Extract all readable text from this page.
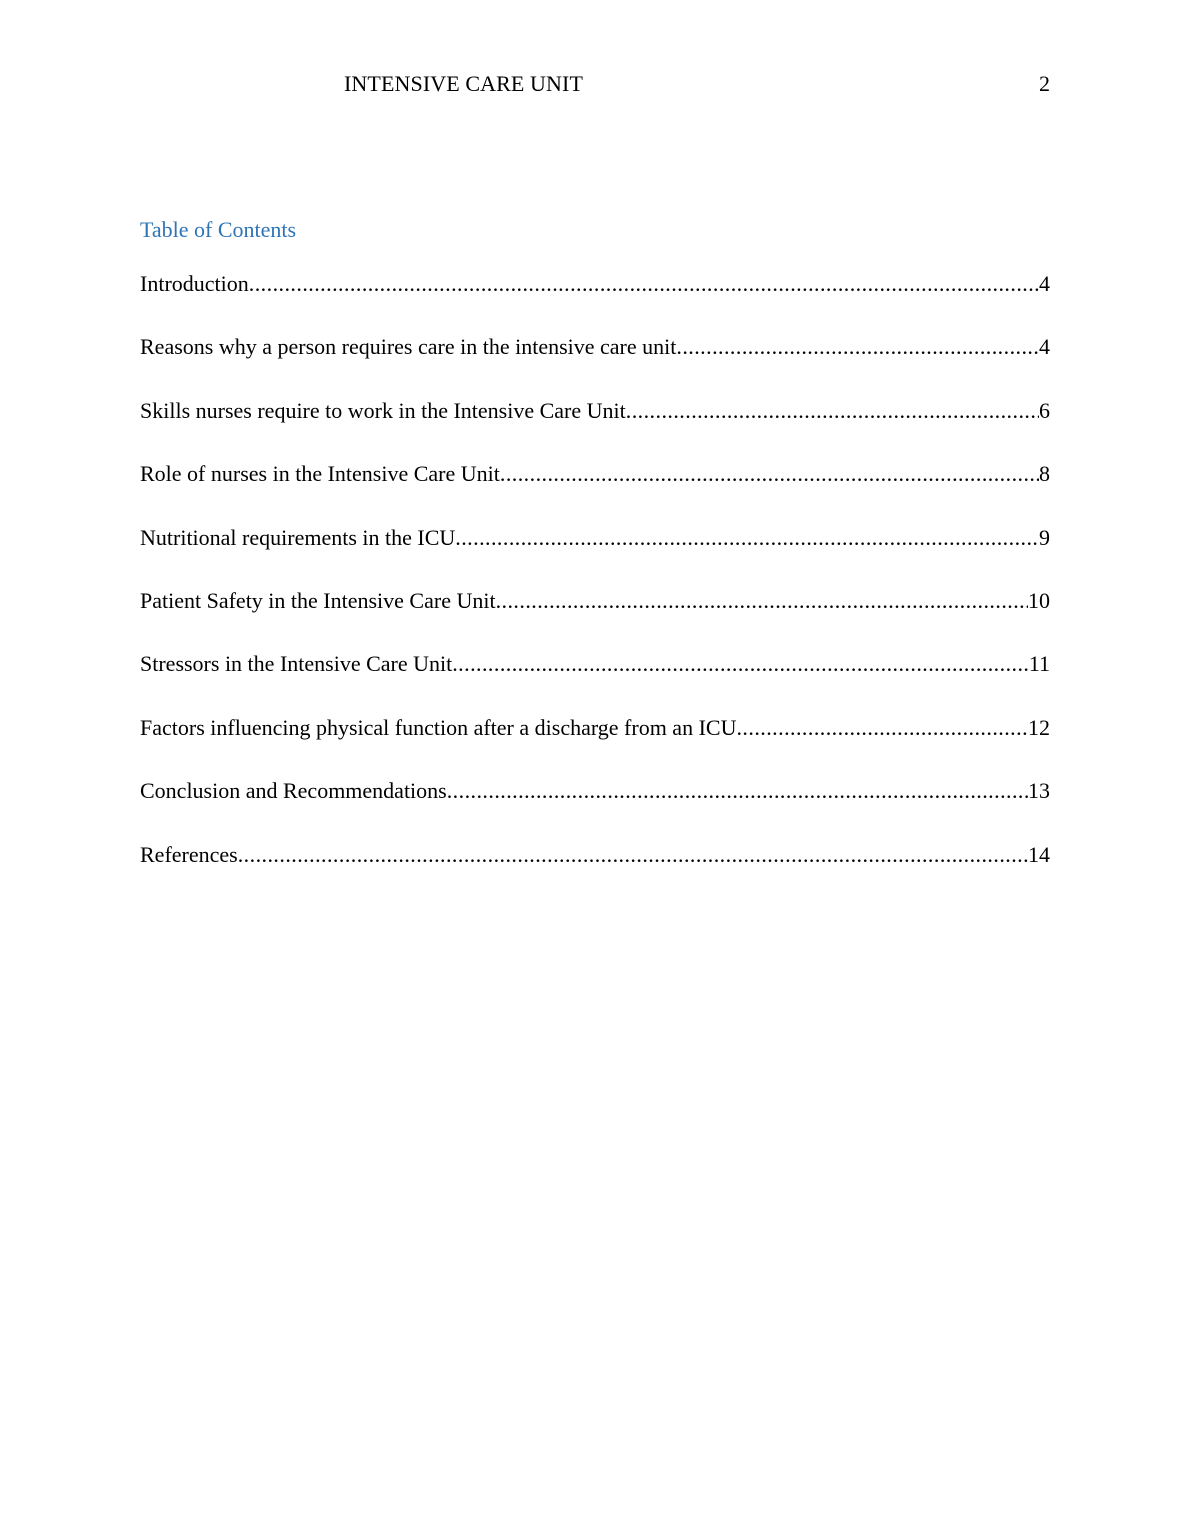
INTENSIVE CARE UNIT	2
Table of Contents
Introduction .....	4
Reasons why a person requires care in the intensive care unit .....	4
Skills nurses require to work in the Intensive Care Unit .....	6
Role of nurses in the Intensive Care Unit .....	8
Nutritional requirements in the ICU .....	9
Patient Safety in the Intensive Care Unit .....	10
Stressors in the Intensive Care Unit .....	11
Factors influencing physical function after a discharge from an ICU .....	12
Conclusion and Recommendations .....	13
References .....	14
